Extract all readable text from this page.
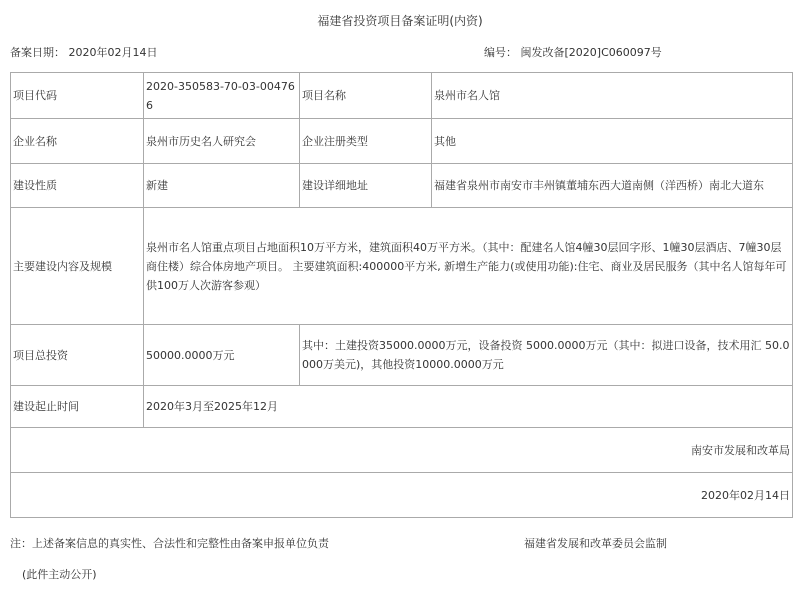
福建省投资项目备案证明(内资)
备案日期： 2020年02月14日	编号： 闽发改备[2020]C060097号
项目代码	2020-350583-70-03-004766	项目名称	泉州市名人馆
企业名称	泉州市历史名人研究会	企业注册类型	其他
建设性质	新建	建设详细地址	福建省泉州市南安市丰州镇董埔东西大道南侧（洋西桥）南北大道东
主要建设内容及规模	泉州市名人馆重点项目占地面积10万平方米，建筑面积40万平方米。（其中：配建名人馆4幢30层回字形、1幢30层酒店、7幢30层商住楼）综合体房地产项目。 主要建筑面积:400000平方米, 新增生产能力(或使用功能):住宅、商业及居民服务（其中名人馆每年可供100万人次游客参观）		
项目总投资	50000.0000万元	其中：土建投资35000.0000万元，设备投资 5000.0000万元（其中：拟进口设备，技术用汇 50.0000万美元)，其他投资10000.0000万元	
建设起止时间	2020年3月至2025年12月		
南安市发展和改革局			
2020年02月14日			
注：上述备案信息的真实性、合法性和完整性由备案申报单位负责	福建省发展和改革委员会监制
(此件主动公开)
